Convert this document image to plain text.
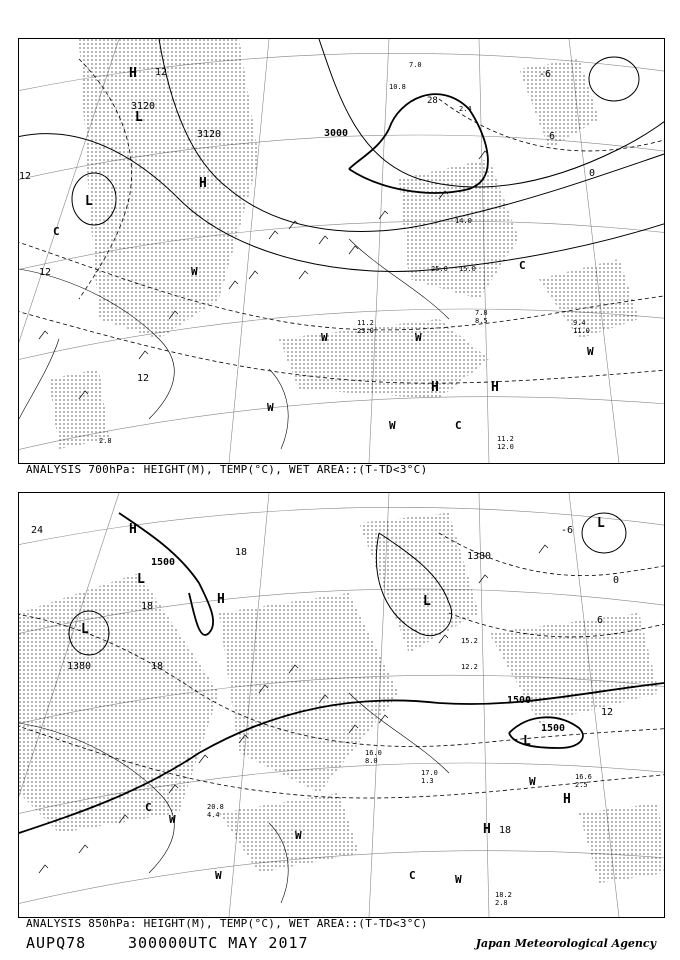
3120
3120	3000
12
12
12
12
6
0
-6
H
H
L
L
H	H
C
W
W
W	C
W
W
C
W
10.8
7.0
2.4
11.2
23.0
7.8
8.5	9.4
11.0
11.2
12.0
2.8
28
14.0
25.0 15.0
ANALYSIS 700hPa: HEIGHT(M), TEMP(°C), WET AREA::(T-TD<3°C)
1500
1500
1500
1380
1380
24
18
18
18
18
12
6
0
-6
H
L
H
L
L
L
H
H
L
C
W
W	C	W
W
W
20.8
4.4
16.6
2.5
18.2
2.8
17.0
1.3
16.0
8.0
12.2
15.2
ANALYSIS 850hPa: HEIGHT(M), TEMP(°C), WET AREA::(T-TD<3°C)
AUPQ78	300000UTC MAY 2017	Japan Meteorological Agency
